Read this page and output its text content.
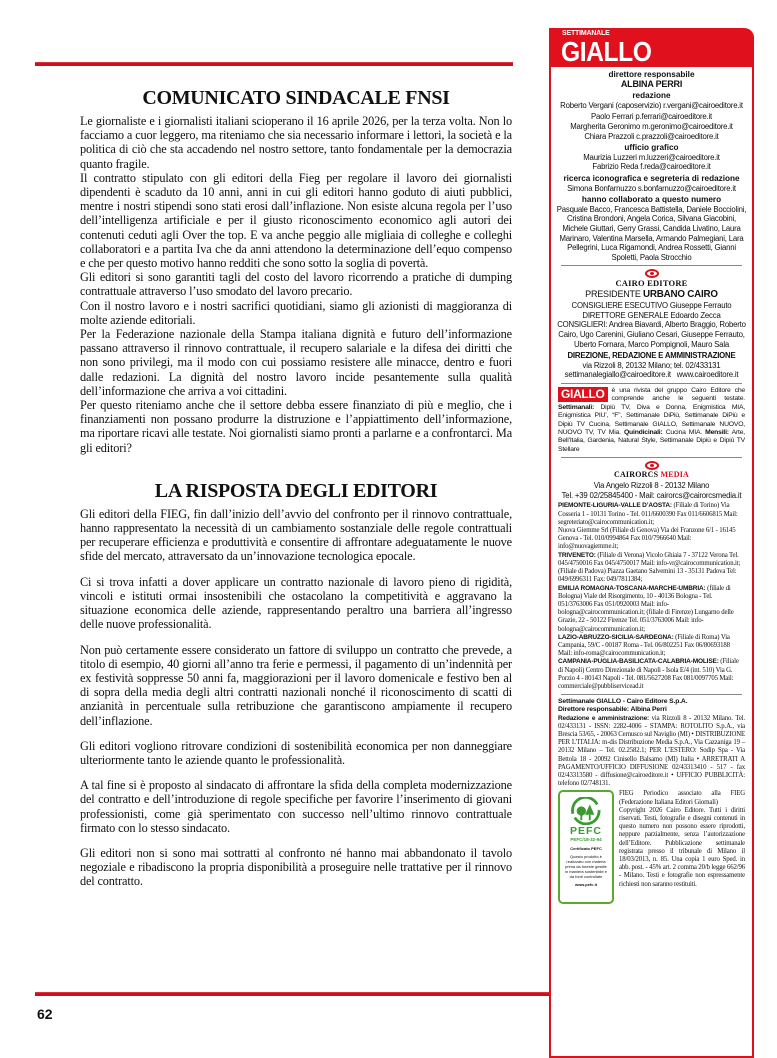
COMUNICATO SINDACALE FNSI

Le giornaliste e i giornalisti italiani scioperano il 16 aprile 2026, per la terza volta. Non lo facciamo a cuor leggero, ma riteniamo che sia necessario informare i lettori, la società e la politica di ciò che sta accadendo nel nostro settore, tanto fondamentale per la democrazia quanto fragile.

Il contratto stipulato con gli editori della Fieg per regolare il lavoro dei giornalisti dipendenti è scaduto da 10 anni, anni in cui gli editori hanno goduto di aiuti pubblici, mentre i nostri stipendi sono stati erosi dall’inflazione. Non esiste alcuna regola per l’uso dell’intelligenza artificiale e per il giusto riconoscimento economico agli autori dei contenuti ceduti agli Over the top. E va anche peggio alle migliaia di colleghe e colleghi collaboratori e a partita Iva che da anni attendono la determinazione dell’equo compenso e che per questo motivo hanno redditi che sono sotto la soglia di povertà.

Gli editori si sono garantiti tagli del costo del lavoro ricorrendo a pratiche di dumping contrattuale attraverso l’uso smodato del lavoro precario.

Con il nostro lavoro e i nostri sacrifici quotidiani, siamo gli azionisti di maggioranza di molte aziende editoriali.

Per la Federazione nazionale della Stampa italiana dignità e futuro dell’informazione passano attraverso il rinnovo contrattuale, il recupero salariale e la difesa dei diritti che non sono privilegi, ma il modo con cui possiamo resistere alle minacce, dentro e fuori dalle redazioni. La dignità del nostro lavoro incide pesantemente sulla qualità dell’informazione che arriva a voi cittadini.

Per questo riteniamo anche che il settore debba essere finanziato di più e meglio, che i finanziamenti non possano produrre la distruzione e l’appiattimento dell’informazione, ma riportare ricavi alle testate. Noi giornalisti siamo pronti a parlarne e a confrontarci. Ma gli editori?

LA RISPOSTA DEGLI EDITORI

Gli editori della FIEG, fin dall’inizio dell’avvio del confronto per il rinnovo contrattuale, hanno rappresentato la necessità di un cambiamento sostanziale delle regole contrattuali per recuperare efficienza e produttività e consentire di affrontare adeguatamente le nuove sfide del mercato, attraversato da un’innovazione tecnologica epocale.

Ci si trova infatti a dover applicare un contratto nazionale di lavoro pieno di rigidità, vincoli e istituti ormai insostenibili che ostacolano la competitività e aggravano la situazione economica delle aziende, rappresentando peraltro una barriera all’ingresso delle nuove professionalità.

Non può certamente essere considerato un fattore di sviluppo un contratto che prevede, a titolo di esempio, 40 giorni all’anno tra ferie e permessi, il pagamento di un’indennità per ex festività soppresse 50 anni fa, maggiorazioni per il lavoro domenicale e festivo ben al di sopra della media degli altri contratti nazionali nonché il riconoscimento di scatti di anzianità in percentuale sulla retribuzione che garantiscono ampiamente il recupero dell’inflazione.

Gli editori vogliono ritrovare condizioni di sostenibilità economica per non danneggiare ulteriormente tanto le aziende quanto le professionalità.

A tal fine si è proposto al sindacato di affrontare la sfida della completa modernizzazione del contratto e dell’introduzione di regole specifiche per favorire l’inserimento di giovani professionisti, come già sperimentato con successo nell’ultimo rinnovo contrattuale firmato con lo stesso sindacato.

Gli editori non si sono mai sottratti al confronto né hanno mai abbandonato il tavolo negoziale e ribadiscono la propria disponibilità a proseguire nelle trattative per il rinnovo del contratto.

62
SETTIMANALE
GIALLO
direttore responsabile
ALBINA PERRI
redazione
Roberto Vergani (caposervizio) r.vergani@cairoeditore.it
Paolo Ferrari p.ferrari@cairoeditore.it
Margherita Geronimo m.geronimo@cairoeditore.it
Chiara Prazzoli c.prazzoli@cairoeditore.it
ufficio grafico
Maurizia Luzzeri m.luzzeri@cairoeditore.it
Fabrizio Reda f.reda@cairoeditore.it
ricerca iconografica e segreteria di redazione
Simona Bonfarnuzzo s.bonfarnuzzo@cairoeditore.it
hanno collaborato a questo numero
Pasquale Bacco, Francesca Battistella, Daniele Bocciolini, Cristina Brondoni, Angela Corica, Silvana Giacobini, Michele Giuttari, Gerry Grassi, Candida Livatino, Laura Marinaro, Valentina Marsella, Armando Palmegiani, Lara Pellegrini, Luca Rigamondi, Andrea Rossetti, Gianni Spoletti, Paola Strocchio
CAIRO EDITORE
PRESIDENTE URBANO CAIRO
CONSIGLIERE ESECUTIVO Giuseppe Ferrauto
DIRETTORE GENERALE Edoardo Zecca
CONSIGLIERI: Andrea Biavardi, Alberto Braggio, Roberto Cairo, Ugo Carenini, Giuliano Cesari, Giuseppe Ferrauto, Uberto Fornara, Marco Pompignoli, Mauro Sala
DIREZIONE, REDAZIONE E AMMINISTRAZIONE
via Rizzoli 8, 20132 Milano; tel. 02/433131
settimanalegiallo@cairoeditore.it www.cairoeditore.it
GIALLO	è una rivista del gruppo Cairo Editore che comprende anche le seguenti testate. Settimanali: Dipiù TV, Diva e Donna, Enigmistica MIA, Enigmistica PIU’, “F”, Settimanale DiPiù, Settimanale DiPiù e Dipiù TV Cucina, Settimanale GIALLO, Settimanale NUOVO, NUOVO TV, TV Mia. Quindicinali: Cucina MIA. Mensili: Arte, Bell’Italia, Gardenia, Natural Style, Settimanale Dipiù e Dipiù TV Stellare
CAIRORCS MEDIA
Via Angelo Rizzoli 8 - 20132 Milano
Tel. +39 02/25845400 - Mail: cairorcs@cairorcsmedia.it
PIEMONTE-LIGURIA-VALLE D’AOSTA: (Filiale di Torino) Via Cosseria 1 - 10131 Torino - Tel. 011/6600390 Fax 011/6606815 Mail: segreteriato@cairocommunication.it;
Nuova Giemme Srl (Filiale di Genova) Via dei Franzone 6/1 - 16145 Genova - Tel. 010/0994864 Fax 010/7966640 Mail: info@nuovagiemme.it;
TRIVENETO: (Filiale di Verona) Vicolo Ghiaia 7 - 37122 Verona Tel. 045/4750016 Fax 045/4750017 Mail: info-vr@cairocommunication.it; (Filiale di Padova) Piazza Gaetano Salvemini 13 - 35131 Padova Tel: 049/6996311 Fax: 049/7811384;
EMILIA ROMAGNA-TOSCANA-MARCHE-UMBRIA: (filiale di Bologna) Viale del Risorgimento, 10 - 40136 Bologna - Tel. 051/3763006 Fax 051/0920003 Mail: info-bologna@cairocommunication.it; (filiale di Firenze) Lungarno delle Grazie, 22 - 50122 Firenze Tel. 051/3763006 Mail: info-bologna@cairocommunication.it;
LAZIO-ABRUZZO-SICILIA-SARDEGNA: (Filiale di Roma) Via Campania, 59/C - 00187 Roma - Tel. 06/802251 Fax 06/80693188 Mail: info-roma@cairocommunication.it;
CAMPANIA-PUGLIA-BASILICATA-CALABRIA-MOLISE: (Filiale di Napoli) Centro Direzionale di Napoli - Isola E/4 (int. 510) Via G. Porzio 4 - 80143 Napoli - Tel. 081/5627208 Fax 081/0097705 Mail: commerciale@pubbliservicead.it
Settimanale GIALLO - Cairo Editore S.p.A.
Direttore responsabile: Albina Perri
Redazione e amministrazione: via Rizzoli 8 - 20132 Milano. Tel. 02/433131 - ISSN: 2282-4006 - STAMPA: ROTOLITO S.p.A., via Brescia 53/65, - 20063 Cernusco sul Naviglio (MI) • DISTRIBUZIONE PER L’ITALIA: m-dis Distribuzione Media S.p.A., Via Cazzaniga 19 – 20132 Milano – Tel. 02.2582.1; PER L’ESTERO: Sodip Spa - Via Bettola 18 - 20092 Cinisello Balsamo (MI) Italia • ARRETRATI A PAGAMENTO/UFFICIO DIFFUSIONE 02/43313410 - 517 - fax 02/43313580 - diffusione@cairoeditore.it • UFFICIO PUBBLICITÀ: telefono 02/748131.
PEFC
PEFC/18-32-94
Certificato PEFC
Questo prodotto è realizzato con materia prima da foreste gestite in maniera sostenibile e da fonti controllate
www.pefc.it
FIEG Periodico associato alla FIEG (Federazione Italiana Editori Giornali)
Copyright 2026 Cairo Editore. Tutti i diritti riservati. Testi, fotografie e disegni contenuti in questo numero non possono essere riprodotti, neppure parzialmente, senza l’autorizzazione dell’Editore. Pubblicazione settimanale registrata presso il tribunale di Milano il 18/03/2013, n. 85. Una copia 1 euro Sped. in abb. post. - 45% art. 2 comma 20/b legge 662/96 - Milano. Testi e fotografie non espressamente richiesti non saranno restituiti.
